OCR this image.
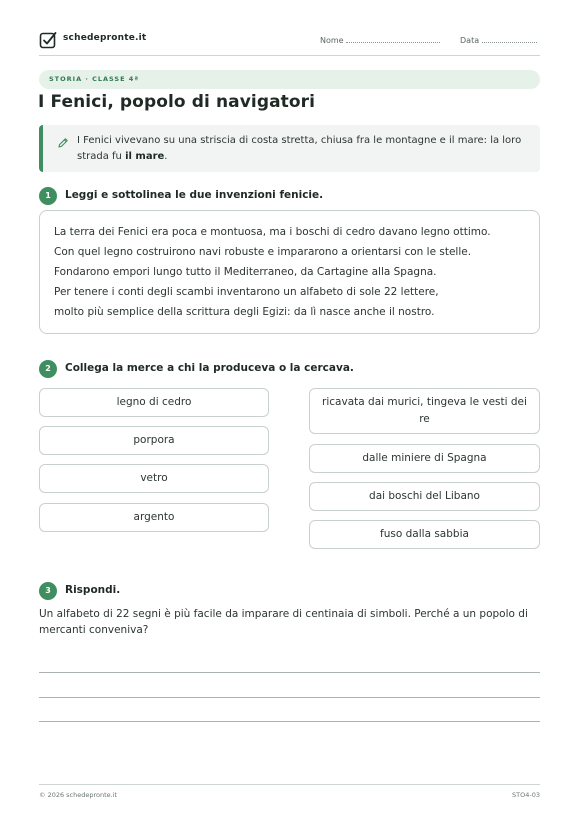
schedepronte.it	Nome	Data
STORIA · CLASSE 4ª
I Fenici, popolo di navigatori
I Fenici vivevano su una striscia di costa stretta, chiusa fra le montagne e il mare: la loro strada fu il mare.
1	Leggi e sottolinea le due invenzioni fenicie.
La terra dei Fenici era poca e montuosa, ma i boschi di cedro davano legno ottimo.
Con quel legno costruirono navi robuste e impararono a orientarsi con le stelle.
Fondarono empori lungo tutto il Mediterraneo, da Cartagine alla Spagna.
Per tenere i conti degli scambi inventarono un alfabeto di sole 22 lettere,
molto più semplice della scrittura degli Egizi: da lì nasce anche il nostro.
2	Collega la merce a chi la produceva o la cercava.
legno di cedro
porpora
vetro
argento
ricavata dai murici, tingeva le vesti dei re
dalle miniere di Spagna
dai boschi del Libano
fuso dalla sabbia
3	Rispondi.
Un alfabeto di 22 segni è più facile da imparare di centinaia di simboli. Perché a un popolo di mercanti conveniva?
© 2026 schedepronte.it	STO4-03
